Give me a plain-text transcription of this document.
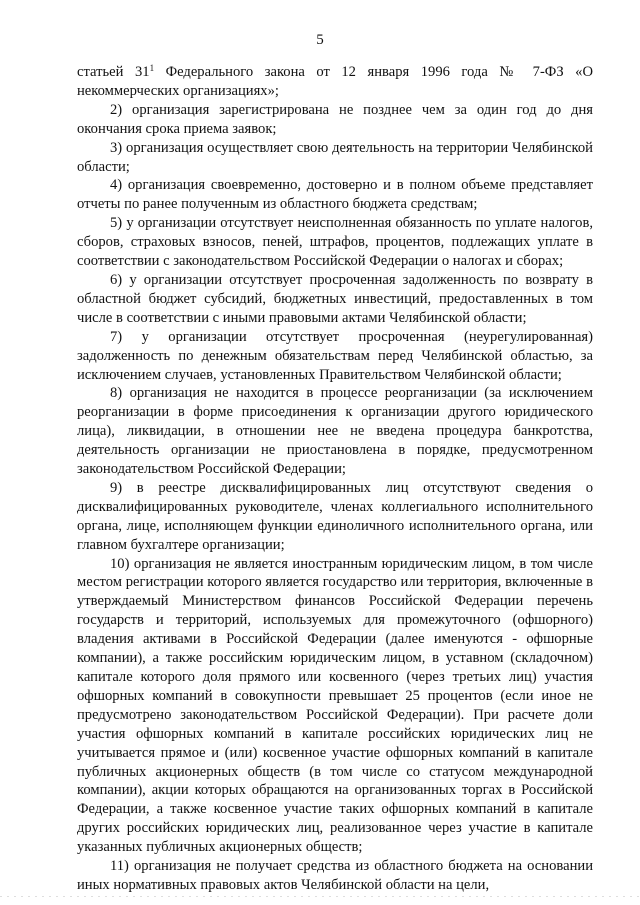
5

статьей $31^1$ Федерального закона от 12 января 1996 года № 7-ФЗ «О некоммерческих организациях»;

2) организация зарегистрирована не позднее чем за один год до дня окончания срока приема заявок;

3) организация осуществляет свою деятельность на территории Челябинской области;

4) организация своевременно, достоверно и в полном объеме представляет отчеты по ранее полученным из областного бюджета средствам;

5) у организации отсутствует неисполненная обязанность по уплате налогов, сборов, страховых взносов, пеней, штрафов, процентов, подлежащих уплате в соответствии с законодательством Российской Федерации о налогах и сборах;

6) у организации отсутствует просроченная задолженность по возврату в областной бюджет субсидий, бюджетных инвестиций, предоставленных в том числе в соответствии с иными правовыми актами Челябинской области;

7) у организации отсутствует просроченная (неурегулированная) задолженность по денежным обязательствам перед Челябинской областью, за исключением случаев, установленных Правительством Челябинской области;

8) организация не находится в процессе реорганизации (за исключением реорганизации в форме присоединения к организации другого юридического лица), ликвидации, в отношении нее не введена процедура банкротства, деятельность организации не приостановлена в порядке, предусмотренном законодательством Российской Федерации;

9) в реестре дисквалифицированных лиц отсутствуют сведения о дисквалифицированных руководителе, членах коллегиального исполнительного органа, лице, исполняющем функции единоличного исполнительного органа, или главном бухгалтере организации;

10) организация не является иностранным юридическим лицом, в том числе местом регистрации которого является государство или территория, включенные в утверждаемый Министерством финансов Российской Федерации перечень государств и территорий, используемых для промежуточного (офшорного) владения активами в Российской Федерации (далее именуются - офшорные компании), а также российским юридическим лицом, в уставном (складочном) капитале которого доля прямого или косвенного (через третьих лиц) участия офшорных компаний в совокупности превышает 25 процентов (если иное не предусмотрено законодательством Российской Федерации). При расчете доли участия офшорных компаний в капитале российских юридических лиц не учитывается прямое и (или) косвенное участие офшорных компаний в капитале публичных акционерных обществ (в том числе со статусом международной компании), акции которых обращаются на организованных торгах в Российской Федерации, а также косвенное участие таких офшорных компаний в капитале других российских юридических лиц, реализованное через участие в капитале указанных публичных акционерных обществ;

11) организация не получает средства из областного бюджета на основании иных нормативных правовых актов Челябинской области на цели,
